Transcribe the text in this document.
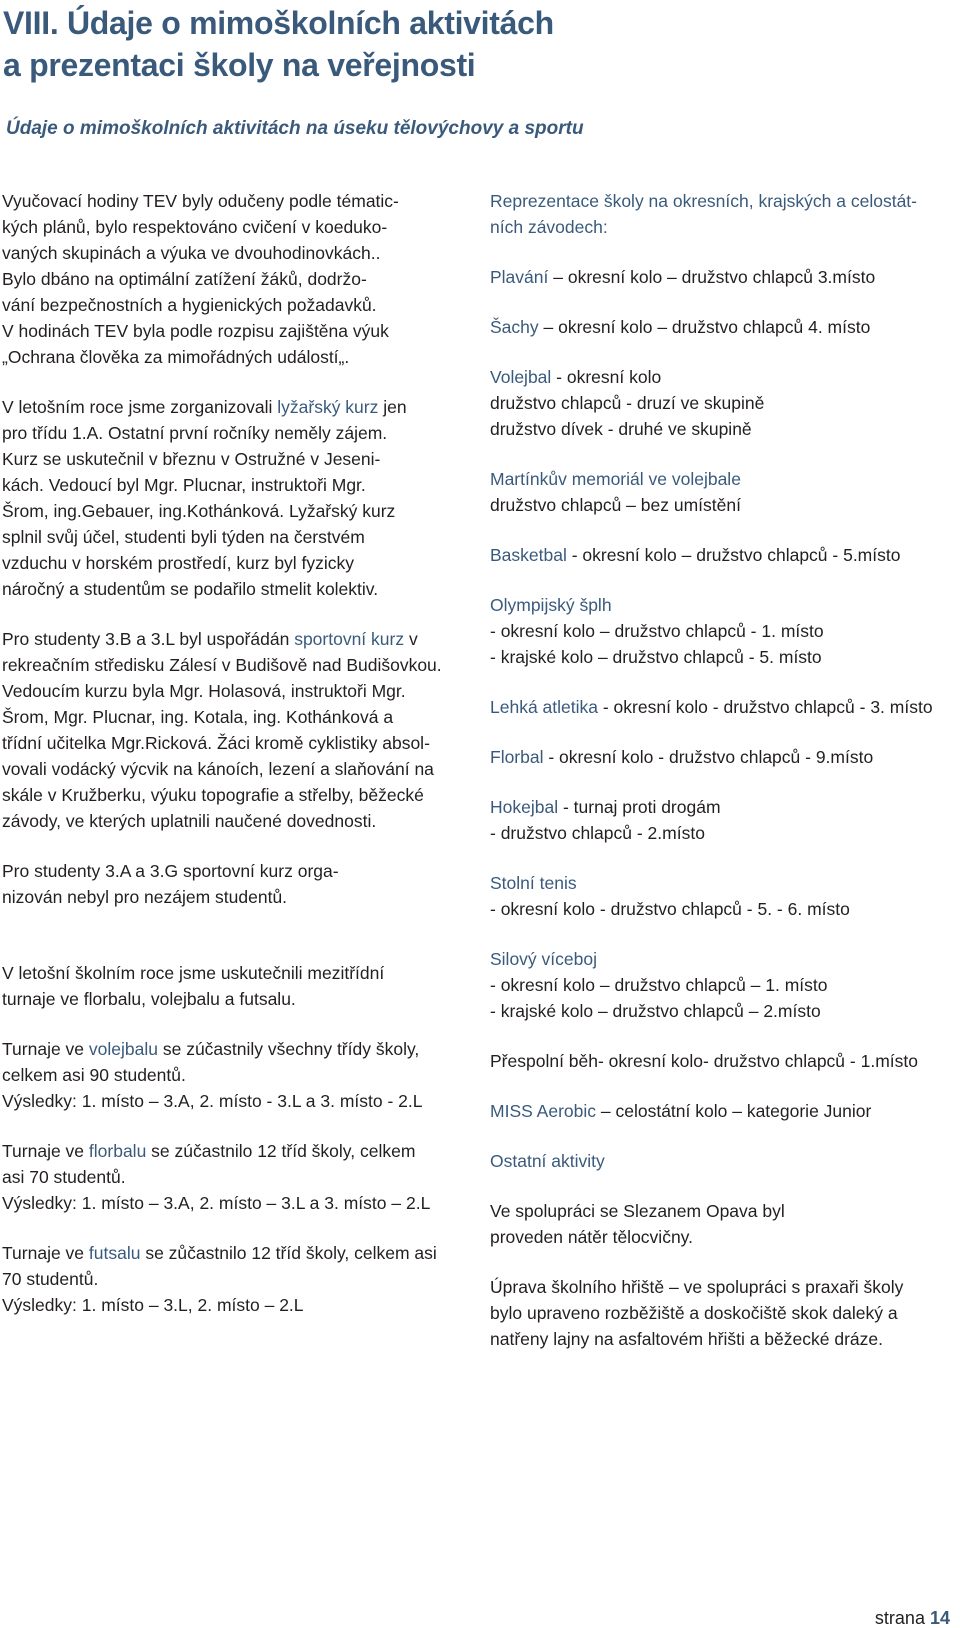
VIII. Údaje o mimoškolních aktivitách
a prezentaci školy na veřejnosti
Údaje o mimoškolních aktivitách na úseku tělovýchovy a sportu

Vyučovací hodiny TEV byly odučeny podle tématic-
kých plánů, bylo respektováno cvičení v koeduko-
vaných skupinách a výuka ve dvouhodinovkách..
Bylo dbáno na optimální zatížení žáků, dodržo-
vání bezpečnostních a hygienických požadavků.
V hodinách TEV byla podle rozpisu zajištěna výuk
„Ochrana člověka za mimořádných událostí„.

V letošním roce jsme zorganizovali lyžařský kurz jen
pro třídu 1.A. Ostatní první ročníky neměly zájem.
Kurz se uskutečnil v březnu v Ostružné v Jeseni-
kách. Vedoucí byl Mgr. Plucnar, instruktoři Mgr.
Šrom, ing.Gebauer, ing.Kothánková. Lyžařský kurz
splnil svůj účel, studenti byli týden na čerstvém
vzduchu v horském prostředí, kurz byl fyzicky
náročný a studentům se podařilo stmelit kolektiv.

Pro studenty 3.B a 3.L byl uspořádán sportovní kurz v
rekreačním středisku Zálesí v Budišově nad Budišovkou.
Vedoucím kurzu byla Mgr. Holasová, instruktoři Mgr.
Šrom, Mgr. Plucnar, ing. Kotala, ing. Kothánková a
třídní učitelka Mgr.Ricková. Žáci kromě cyklistiky absol-
vovali vodácký výcvik na kánoích, lezení a slaňování na
skále v Kružberku, výuku topografie a střelby, běžecké
závody, ve kterých uplatnili naučené dovednosti.

Pro studenty 3.A a 3.G sportovní kurz orga-
nizován nebyl pro nezájem studentů.

V letošní školním roce jsme uskutečnili mezitřídní
turnaje ve florbalu, volejbalu a futsalu.

Turnaje ve volejbalu se zúčastnily všechny třídy školy,
celkem asi 90 studentů.
Výsledky: 1. místo – 3.A, 2. místo - 3.L a 3. místo - 2.L

Turnaje ve florbalu se zúčastnilo 12 tříd školy, celkem
asi 70 studentů.
Výsledky: 1. místo – 3.A, 2. místo – 3.L a 3. místo – 2.L

Turnaje ve futsalu se zůčastnilo 12 tříd školy, celkem asi
70 studentů.
Výsledky: 1. místo – 3.L, 2. místo – 2.L

Reprezentace školy na okresních, krajských a celostát-
ních závodech:

Plavání – okresní kolo – družstvo chlapců 3.místo

Šachy – okresní kolo – družstvo chlapců 4. místo

Volejbal - okresní kolo
družstvo chlapců - druzí ve skupině
družstvo dívek - druhé ve skupině

Martínkův memoriál ve volejbale
družstvo chlapců – bez umístění

Basketbal - okresní kolo – družstvo chlapců - 5.místo

Olympijský šplh
- okresní kolo – družstvo chlapců - 1. místo
- krajské kolo – družstvo chlapců - 5. místo

Lehká atletika - okresní kolo - družstvo chlapců - 3. místo

Florbal - okresní kolo - družstvo chlapců - 9.místo

Hokejbal - turnaj proti drogám
- družstvo chlapců - 2.místo

Stolní tenis
- okresní kolo - družstvo chlapců - 5. - 6. místo

Silový víceboj
- okresní kolo – družstvo chlapců – 1. místo
- krajské kolo – družstvo chlapců – 2.místo

Přespolní běh- okresní kolo- družstvo chlapců - 1.místo

MISS Aerobic – celostátní kolo – kategorie Junior

Ostatní aktivity

Ve spolupráci se Slezanem Opava byl
proveden nátěr tělocvičny.

Úprava školního hřiště – ve spolupráci s praxaři školy
bylo upraveno rozběžiště a doskočiště skok daleký a
natřeny lajny na asfaltovém hřišti a běžecké dráze.

strana 14
